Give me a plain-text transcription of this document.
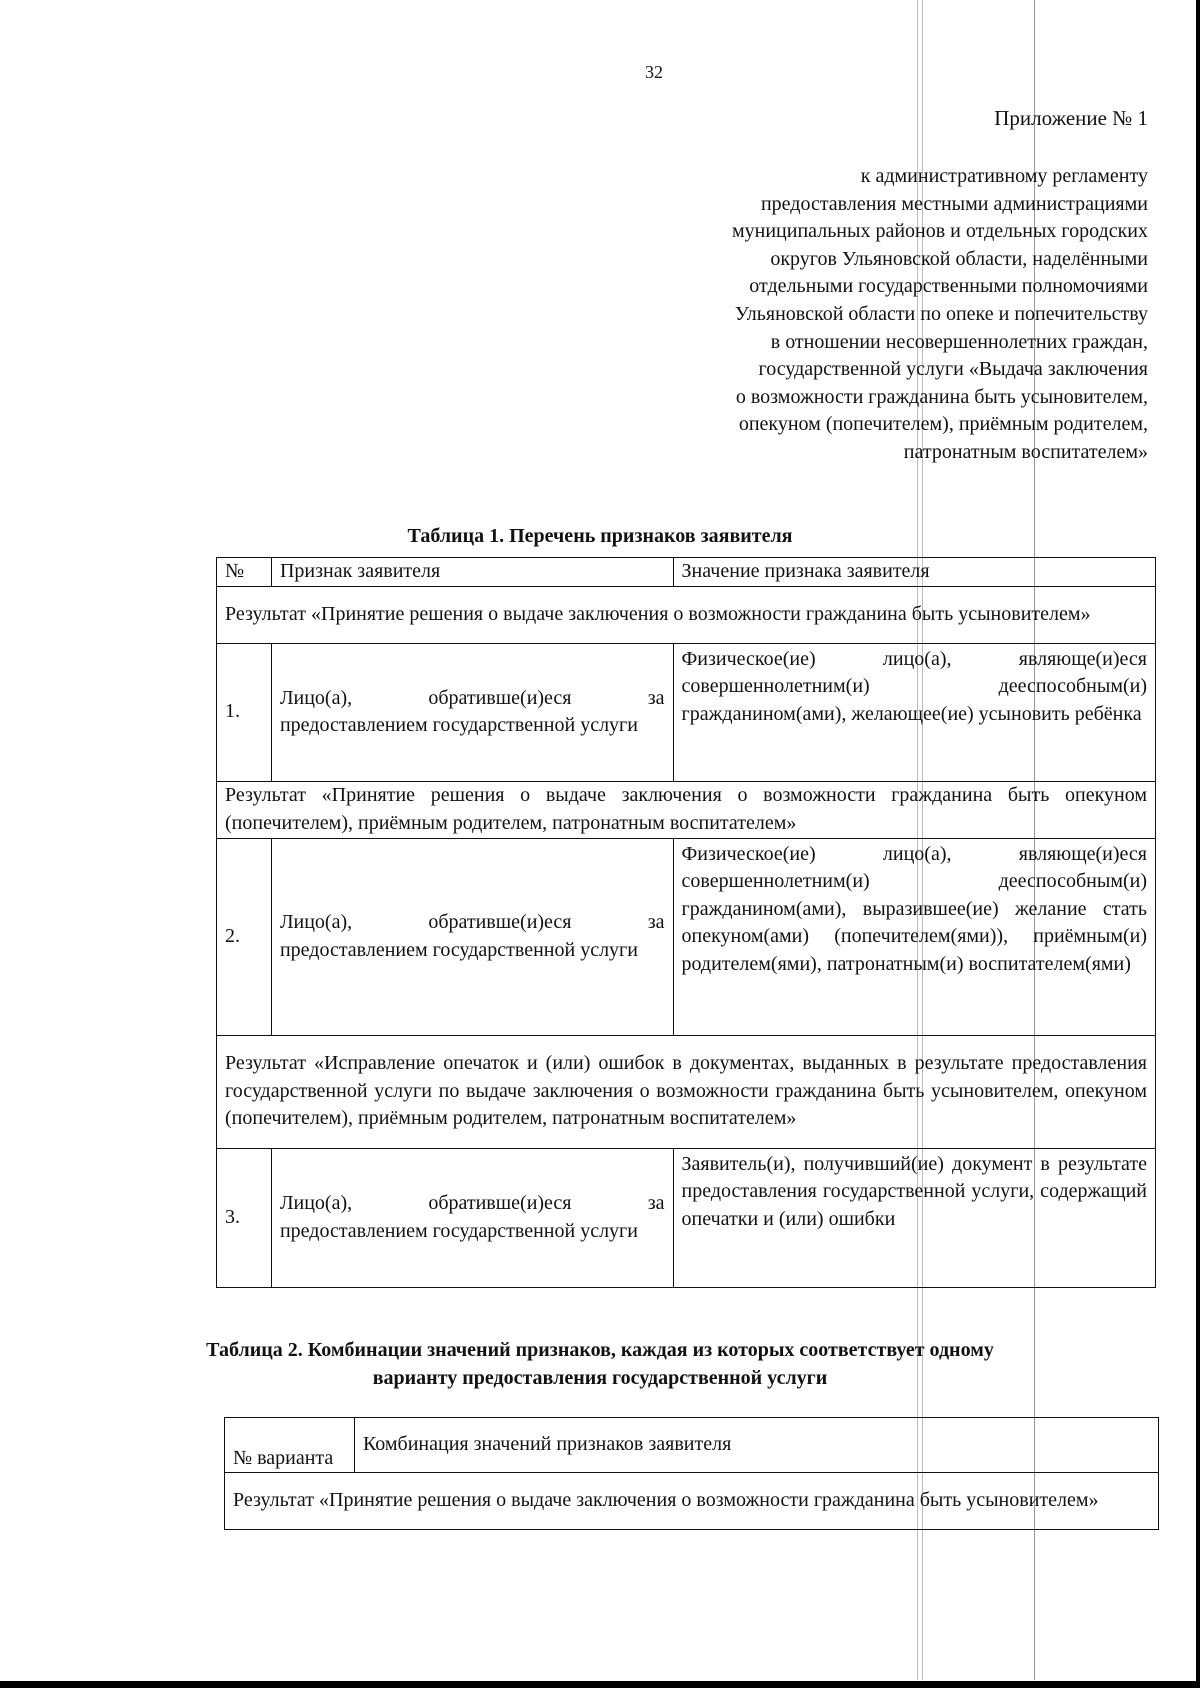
32
Приложение № 1
к административному регламенту
предоставления местными администрациями
муниципальных районов и отдельных городских
округов Ульяновской области, наделёнными
отдельными государственными полномочиями
Ульяновской области по опеке и попечительству
в отношении несовершеннолетних граждан,
государственной услуги «Выдача заключения
о возможности гражданина быть усыновителем,
опекуном (попечителем), приёмным родителем,
патронатным воспитателем»
Таблица 1. Перечень признаков заявителя
№	Признак заявителя	Значение признака заявителя
Результат «Принятие решения о выдаче заключения о возможности гражданина быть усыновителем»		
1.	Лицо(а), обратившe(и)еся за предоставлением государственной услуги	Физическое(ие) лицо(а), являюще(и)еся совершеннолетним(и) дееспособным(и) гражданином(ами), желающее(ие) усыновить ребёнка
Результат «Принятие решения о выдаче заключения о возможности гражданина быть опекуном (попечителем), приёмным родителем, патронатным воспитателем»		
2.	Лицо(а), обратившe(и)еся за предоставлением государственной услуги	Физическое(ие) лицо(а), являюще(и)еся совершеннолетним(и) дееспособным(и) гражданином(ами), выразившее(ие) желание стать опекуном(ами) (попечителем(ями)), приёмным(и) родителем(ями), патронатным(и) воспитателем(ями)
Результат «Исправление опечаток и (или) ошибок в документах, выданных в результате предоставления государственной услуги по выдаче заключения о возможности гражданина быть усыновителем, опекуном (попечителем), приёмным родителем, патронатным воспитателем»		
3.	Лицо(а), обратившe(и)еся за предоставлением государственной услуги	Заявитель(и), получивший(ие) документ в результате предоставления государственной услуги, содержащий опечатки и (или) ошибки
Таблица 2. Комбинации значений признаков, каждая из которых соответствует одному
варианту предоставления государственной услуги
№ варианта	Комбинация значений признаков заявителя
Результат «Принятие решения о выдаче заключения о возможности гражданина быть усыновителем»
